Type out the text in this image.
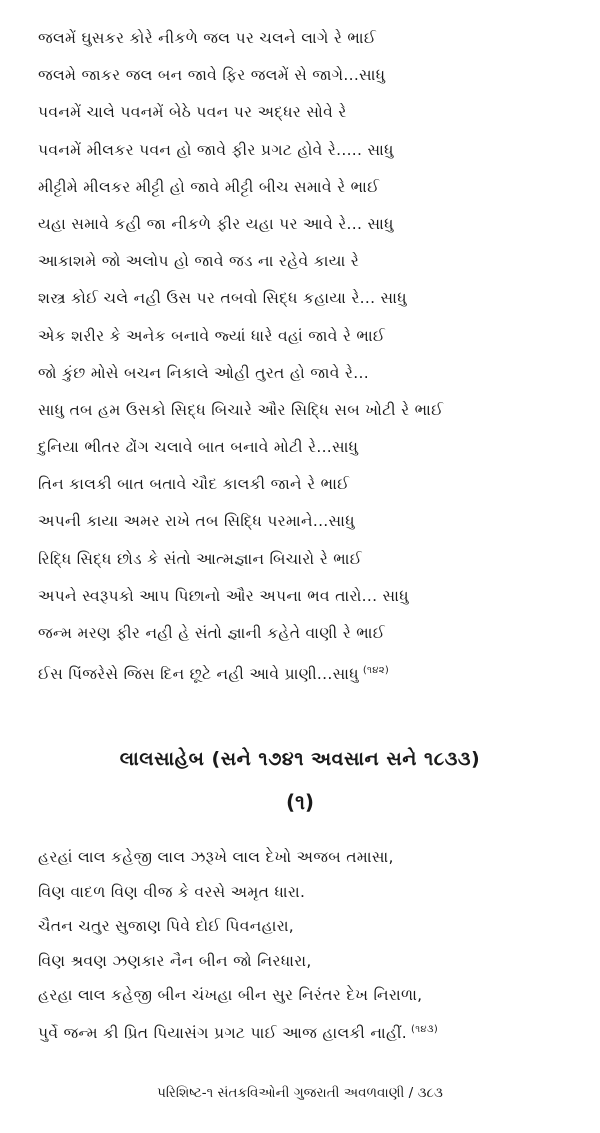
જલમેં ઘુસકર કોરે નીકળે જલ પર ચલને લાગે રે ભાઈ
જલમે જાકર જલ બન જાવે ફિર જલમેં સે જાગે...સાધુ
પવનમેં ચાલે પવનમેં બેઠે પવન પર અદ્ધર સોવે રે
પવનમેં મીલકર પવન હો જાવે ફીર પ્રગટ હોવે રે..... સાધુ
મીટ્ટીમે મીલકર મીટ્ટી હો જાવે મીટ્ટી બીચ સમાવે રે ભાઈ
યહા સમાવે કહી જા નીકળે ફીર યહા પર આવે રે... સાધુ
આકાશમે જો અલોપ હો જાવે જડ ના રહેવે કાયા રે
શસ્ત્ર કોઈ ચલે નહી ઉસ પર તબવો સિદ્ધ કહાયા રે... સાધુ
એક શરીર કે અનેક બનાવે જ્યાં ધારે વહાં જાવે રે ભાઈ
જો કુંછ મોસે બચન નિકાલે ઓહી તુરત હો જાવે રે...
સાધુ તબ હમ ઉસકો સિદ્ધ બિચારે ઔર સિદ્ધિ સબ ખોટી રે ભાઈ
દુનિયા ભીતર ઢોંગ ચલાવે બાત બનાવે મોટી રે...સાધુ
તિન કાલકી બાત બતાવે ચૌદ કાલકી જાને રે ભાઈ
અપની કાયા અમર રાખે તબ સિદ્ધિ પરમાને...સાધુ
રિદ્ધિ સિદ્ધ છોડ કે સંતો આત્મજ્ઞાન બિચારો રે ભાઈ
અપને સ્વરૂપકો આપ પિછાનો ઔર અપના ભવ તારો... સાધુ
જન્મ મરણ ફીર નહી હે સંતો જ્ઞાની કહેતે વાણી રે ભાઈ
ઈસ પિંજરેસે જિસ દિન છૂટે નહી આવે પ્રાણી...સાધુ $^{(૧૪૨)}$
લાલસાહેબ (સને ૧૭૪૧ અવસાન સને ૧૮૩૩)
(૧)
હરહાં લાલ કહેજી લાલ ઝરૂખે લાલ દેખો અજબ તમાસા,
વિણ વાદળ વિણ વીજ કે વરસે અમૃત ધારા.
ચૈતન ચતુર સુજાણ પિવે દોઈ પિવનહારા,
વિણ શ્રવણ ઝણકાર નૈન બીન જો નિરધારા,
હરહા લાલ કહેજી બીન ચંખહા બીન સુર નિરંતર દેખ નિરાળા,
પુર્વે જન્મ કી પ્રિત પિયાસંગ પ્રગટ પાઈ આજ હાલકી નાહીં. $^{(૧૪૩)}$
પરિશિષ્ટ-૧ સંતકવિઓની ગુજરાતી અવળવાણી / ૩૮૩
